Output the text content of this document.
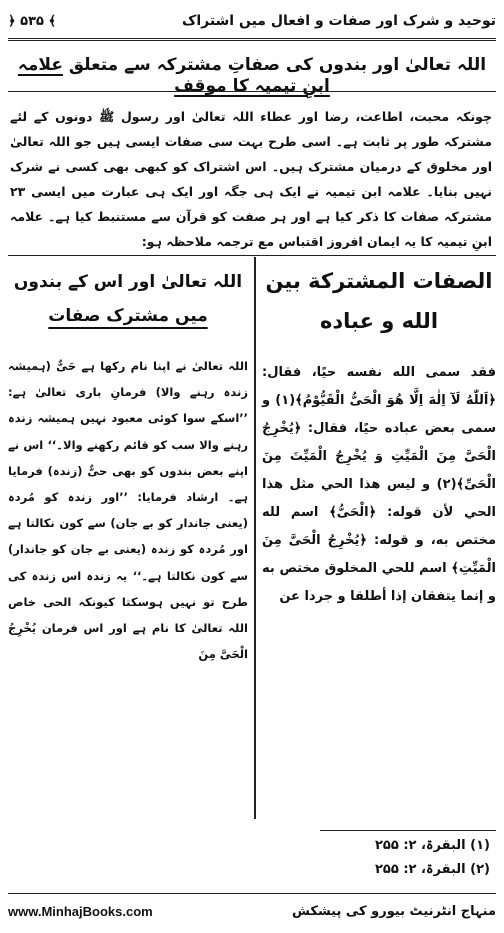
توحید و شرک اور صفات و افعال میں اشتراک
﴿ ۵۳۵ ﴾
اللہ تعالیٰ اور بندوں کی صفاتِ مشترکہ سے متعلق علامہ ابنِ تیمیہ کا موقف
چونکہ محبت، اطاعت، رضا اور عطاء اللہ تعالیٰ اور رسول ﷺ دونوں کے لئے مشترکہ طور پر ثابت ہے۔ اسی طرح بہت سی صفات ایسی ہیں جو اللہ تعالیٰ اور مخلوق کے درمیان مشترک ہیں۔ اس اشتراک کو کبھی بھی کسی نے شرک نہیں بنایا۔ علامہ ابن تیمیہ نے ایک ہی جگہ اور ایک ہی عبارت میں ایسی ۲۳ مشترکہ صفات کا ذکر کیا ہے اور ہر صفت کو قرآن سے مستنبط کیا ہے۔ علامہ ابنِ تیمیہ کا یہ ایمان افروز اقتباس مع ترجمہ ملاحظہ ہو:
الصفات المشتركة بين
الله و عباده
فقد سمى الله نفسه حيًا، فقال: ﴿اَللّٰهُ لَآ اِلٰهَ اِلَّا هُوَ الْحَیُّ الْقَيُّوْمُ﴾(١) و سمى بعض عباده حيًا، فقال: ﴿يُخْرِجُ الْحَیَّ مِنَ الْمَيِّتِ وَ يُخْرِجُ الْمَيِّتَ مِنَ الْحَیِّ﴾(٢) و ليس هذا الحي مثل هذا الحي لأن قوله: ﴿الْحَیُّ﴾ اسم لله مختص به، و قوله: ﴿يُخْرِجُ الْحَیَّ مِنَ الْمَيِّتِ﴾ اسم للحي المخلوق مختص به و إنما يتفقان إذا أطلقا و جردا عن
اللہ تعالیٰ اور اس کے بندوں
میں مشترک صفات
اللہ تعالیٰ نے اپنا نام رکھا ہے حَیٌّ (ہمیشہ زندہ رہنے والا) فرمانِ باری تعالیٰ ہے: ’’اسکے سوا کوئی معبود نہیں ہمیشہ زندہ رہنے والا سب کو قائم رکھنے والا۔‘‘ اس نے اپنے بعض بندوں کو بھی حیٌّ (زندہ) فرمایا ہے۔ ارشاد فرمایا: ’’اور زندہ کو مُردہ (یعنی جاندار کو بے جان) سے کون نکالتا ہے اور مُردہ کو زندہ (یعنی بے جان کو جاندار) سے کون نکالتا ہے۔‘‘ یہ زندہ اس زندہ کی طرح تو نہیں ہوسکتا کیونکہ الحی خاص اللہ تعالیٰ کا نام ہے اور اس فرمان یُخْرِجُ الْحَیَّ مِنَ
(۱) البقرۃ، ۲: ۲۵۵
(۲) البقرۃ، ۲: ۲۵۵
www.MinhajBooks.com	منہاج انٹرنیٹ بیورو کی پیشکش
